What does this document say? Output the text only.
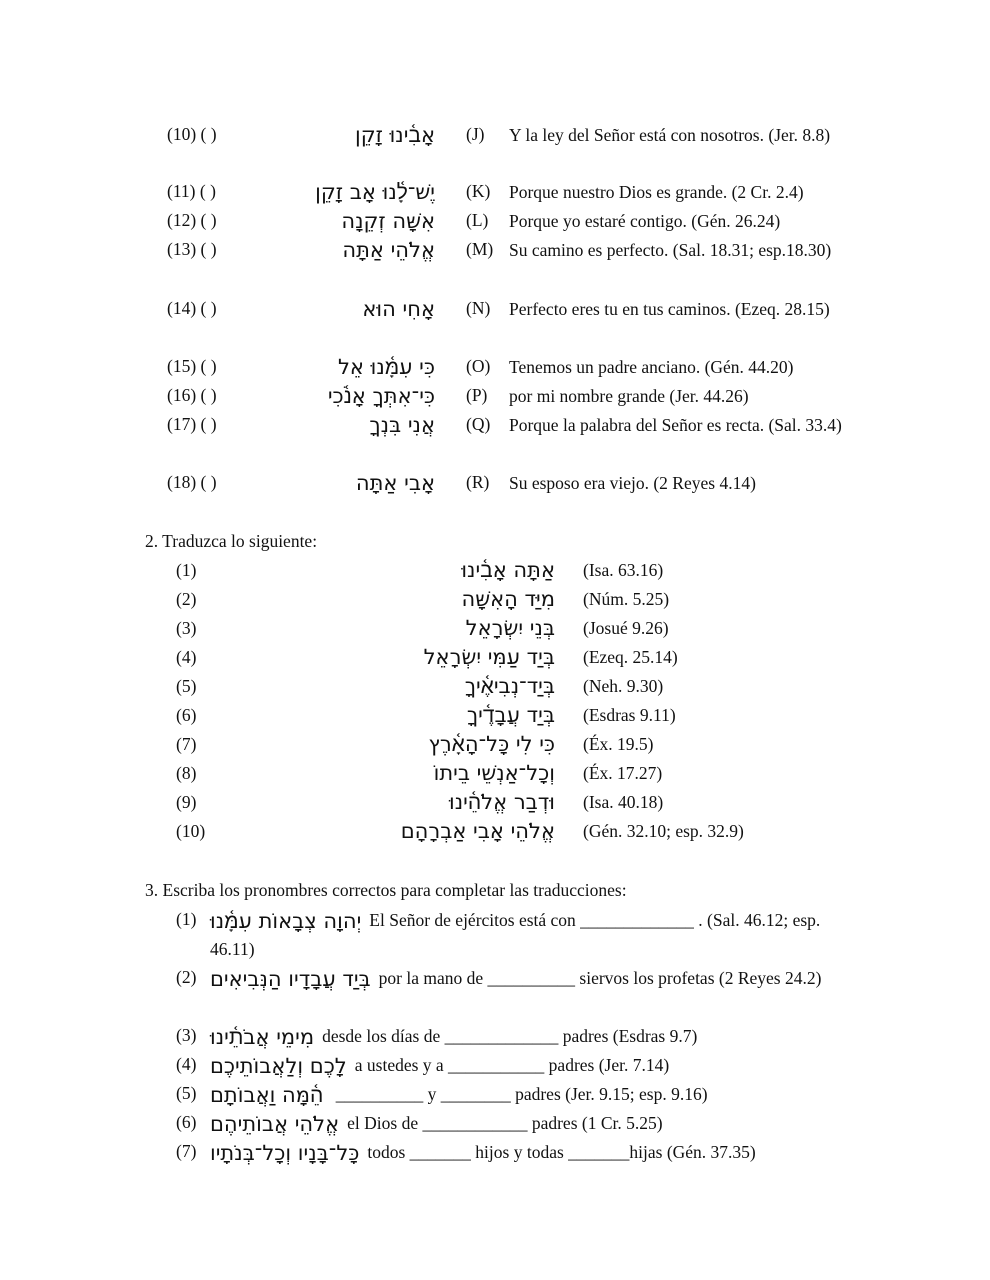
(10) ( )	אָבִ֫ינוּ זָקֵן (J) Y la ley del Señor está con nosotros. (Jer. 8.8)
(11) ( )	יֶשׁ־לָ֫נוּ אָב זָקֵן (K) Porque nuestro Dios es grande. (2 Cr. 2.4)
(12) ( )	אִשָּׁה זְקֵנָה (L) Porque yo estaré contigo. (Gén. 26.24)
(13) ( )	אֱלֹהֵי אַתָּה (M) Su camino es perfecto. (Sal. 18.31; esp.18.30)
(14) ( )	אָחִי הוּא (N) Perfecto eres tu en tus caminos. (Ezeq. 28.15)
(15) ( )	כִּי עִמָּ֫נוּ אֵל (O) Tenemos un padre anciano. (Gén. 44.20)
(16) ( )	כִּי־אִתְּךָ אָנֹ֫כִי (P) por mi nombre grande (Jer. 44.26)
(17) ( )	אֲנִי בִּנְךָ (Q) Porque la palabra del Señor es recta. (Sal. 33.4)
(18) ( )	אָבִי אַתָּה (R) Su esposo era viejo. (2 Reyes 4.14)
2. Traduzca lo siguiente:
(1)	אַתָּה אָבִ֫ינוּ (Isa. 63.16)
(2)	מִיַּד הָאִשָּׁה (Núm. 5.25)
(3)	בְּנֵי יִשְׂרָאֵל (Josué 9.26)
(4)	בְּיַד עַמִּי יִשְׂרָאֵל (Ezeq. 25.14)
(5)	בְּיַד־נְבִיאֶ֫יךָ (Neh. 9.30)
(6)	בְּיַד עֲבָדֶ֫יךָ (Esdras 9.11)
(7)	כִּי לִי כָּל־הָאָ֫רֶץ (Éx. 19.5)
(8)	וְכָל־אַנְשֵׁי בֵיתוֹ (Éx. 17.27)
(9)	וּדְבַר אֱלֹהֵ֫ינוּ (Isa. 40.18)
(10)	אֱלֹהֵי אָבִי אַבְרָהָם (Gén. 32.10; esp. 32.9)
3. Escriba los pronombres correctos para completar las traducciones:
(1) יְהוָה צְבָאוֹת עִמָּ֫נוּ El Señor de ejércitos está con _____________ . (Sal. 46.12; esp. 46.11)
(2) בְּיַד עֲבָדָיו הַנְּבִיאִים por la mano de __________ siervos los profetas (2 Reyes 24.2)
(3) מִימֵי אֲבֹתֵ֫ינוּ desde los días de _____________ padres (Esdras 9.7)
(4) לָכֶם וְלַאֲבוֹתֵיכֶם a ustedes y a ___________ padres (Jer. 7.14)
(5) הֵ֫מָּה וַאֲבוֹתָם __________ y ________ padres (Jer. 9.15; esp. 9.16)
(6) אֱלֹהֵי אֲבוֹתֵיהֶם el Dios de ____________ padres (1 Cr. 5.25)
(7) כָּל־בָּנָיו וְכָל־בְּנֹתָיו todos _______ hijos y todas _______hijas (Gén. 37.35)
